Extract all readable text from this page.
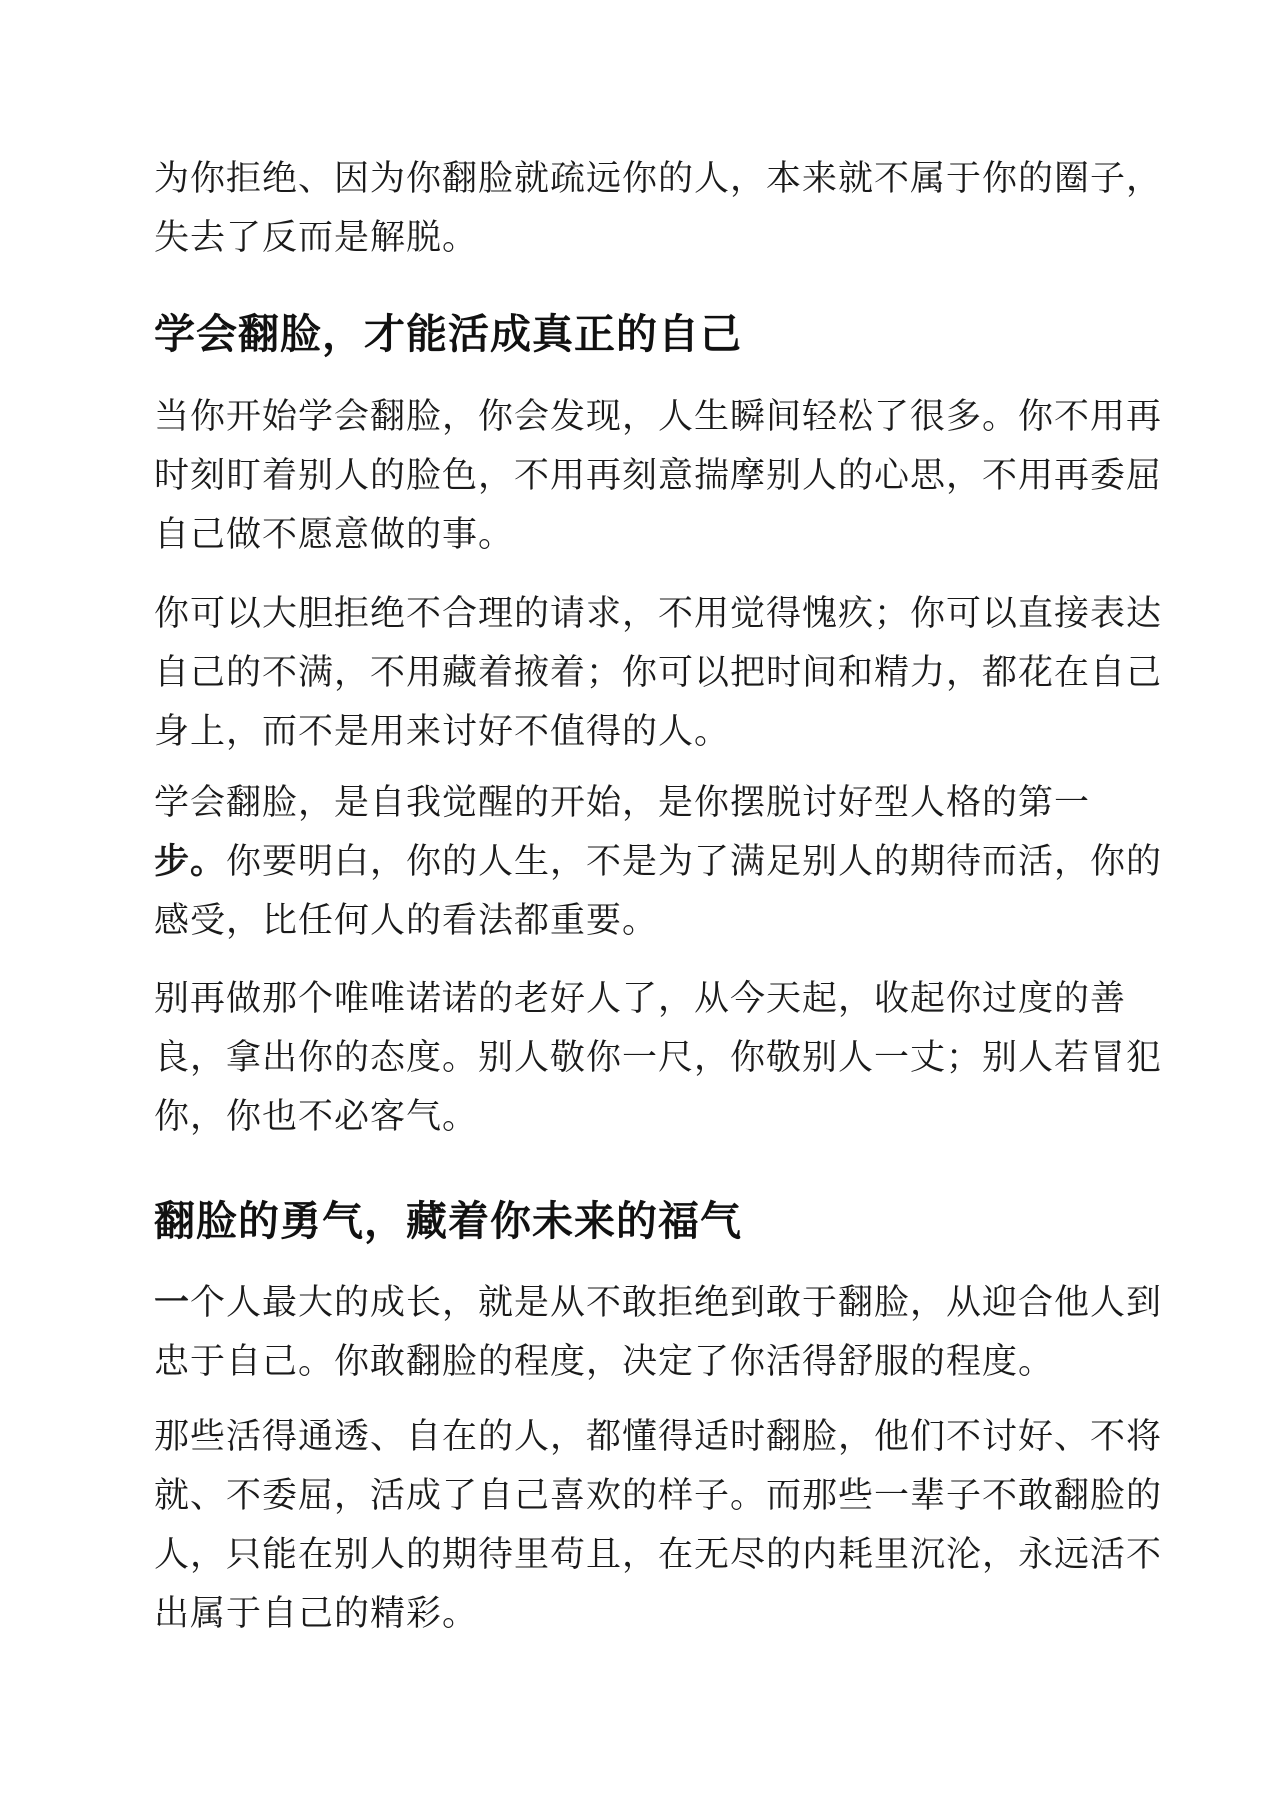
为你拒绝、因为你翻脸就疏远你的人，本来就不属于你的圈子，
失去了反而是解脱。
学会翻脸，才能活成真正的自己
当你开始学会翻脸，你会发现，人生瞬间轻松了很多。你不用再
时刻盯着别人的脸色，不用再刻意揣摩别人的心思，不用再委屈
自己做不愿意做的事。
你可以大胆拒绝不合理的请求，不用觉得愧疚；你可以直接表达
自己的不满，不用藏着掖着；你可以把时间和精力，都花在自己
身上，而不是用来讨好不值得的人。
学会翻脸，是自我觉醒的开始，是你摆脱讨好型人格的第一
步。你要明白，你的人生，不是为了满足别人的期待而活，你的
感受，比任何人的看法都重要。
别再做那个唯唯诺诺的老好人了，从今天起，收起你过度的善
良，拿出你的态度。别人敬你一尺，你敬别人一丈；别人若冒犯
你，你也不必客气。
翻脸的勇气，藏着你未来的福气
一个人最大的成长，就是从不敢拒绝到敢于翻脸，从迎合他人到
忠于自己。你敢翻脸的程度，决定了你活得舒服的程度。
那些活得通透、自在的人，都懂得适时翻脸，他们不讨好、不将
就、不委屈，活成了自己喜欢的样子。而那些一辈子不敢翻脸的
人，只能在别人的期待里苟且，在无尽的内耗里沉沦，永远活不
出属于自己的精彩。
